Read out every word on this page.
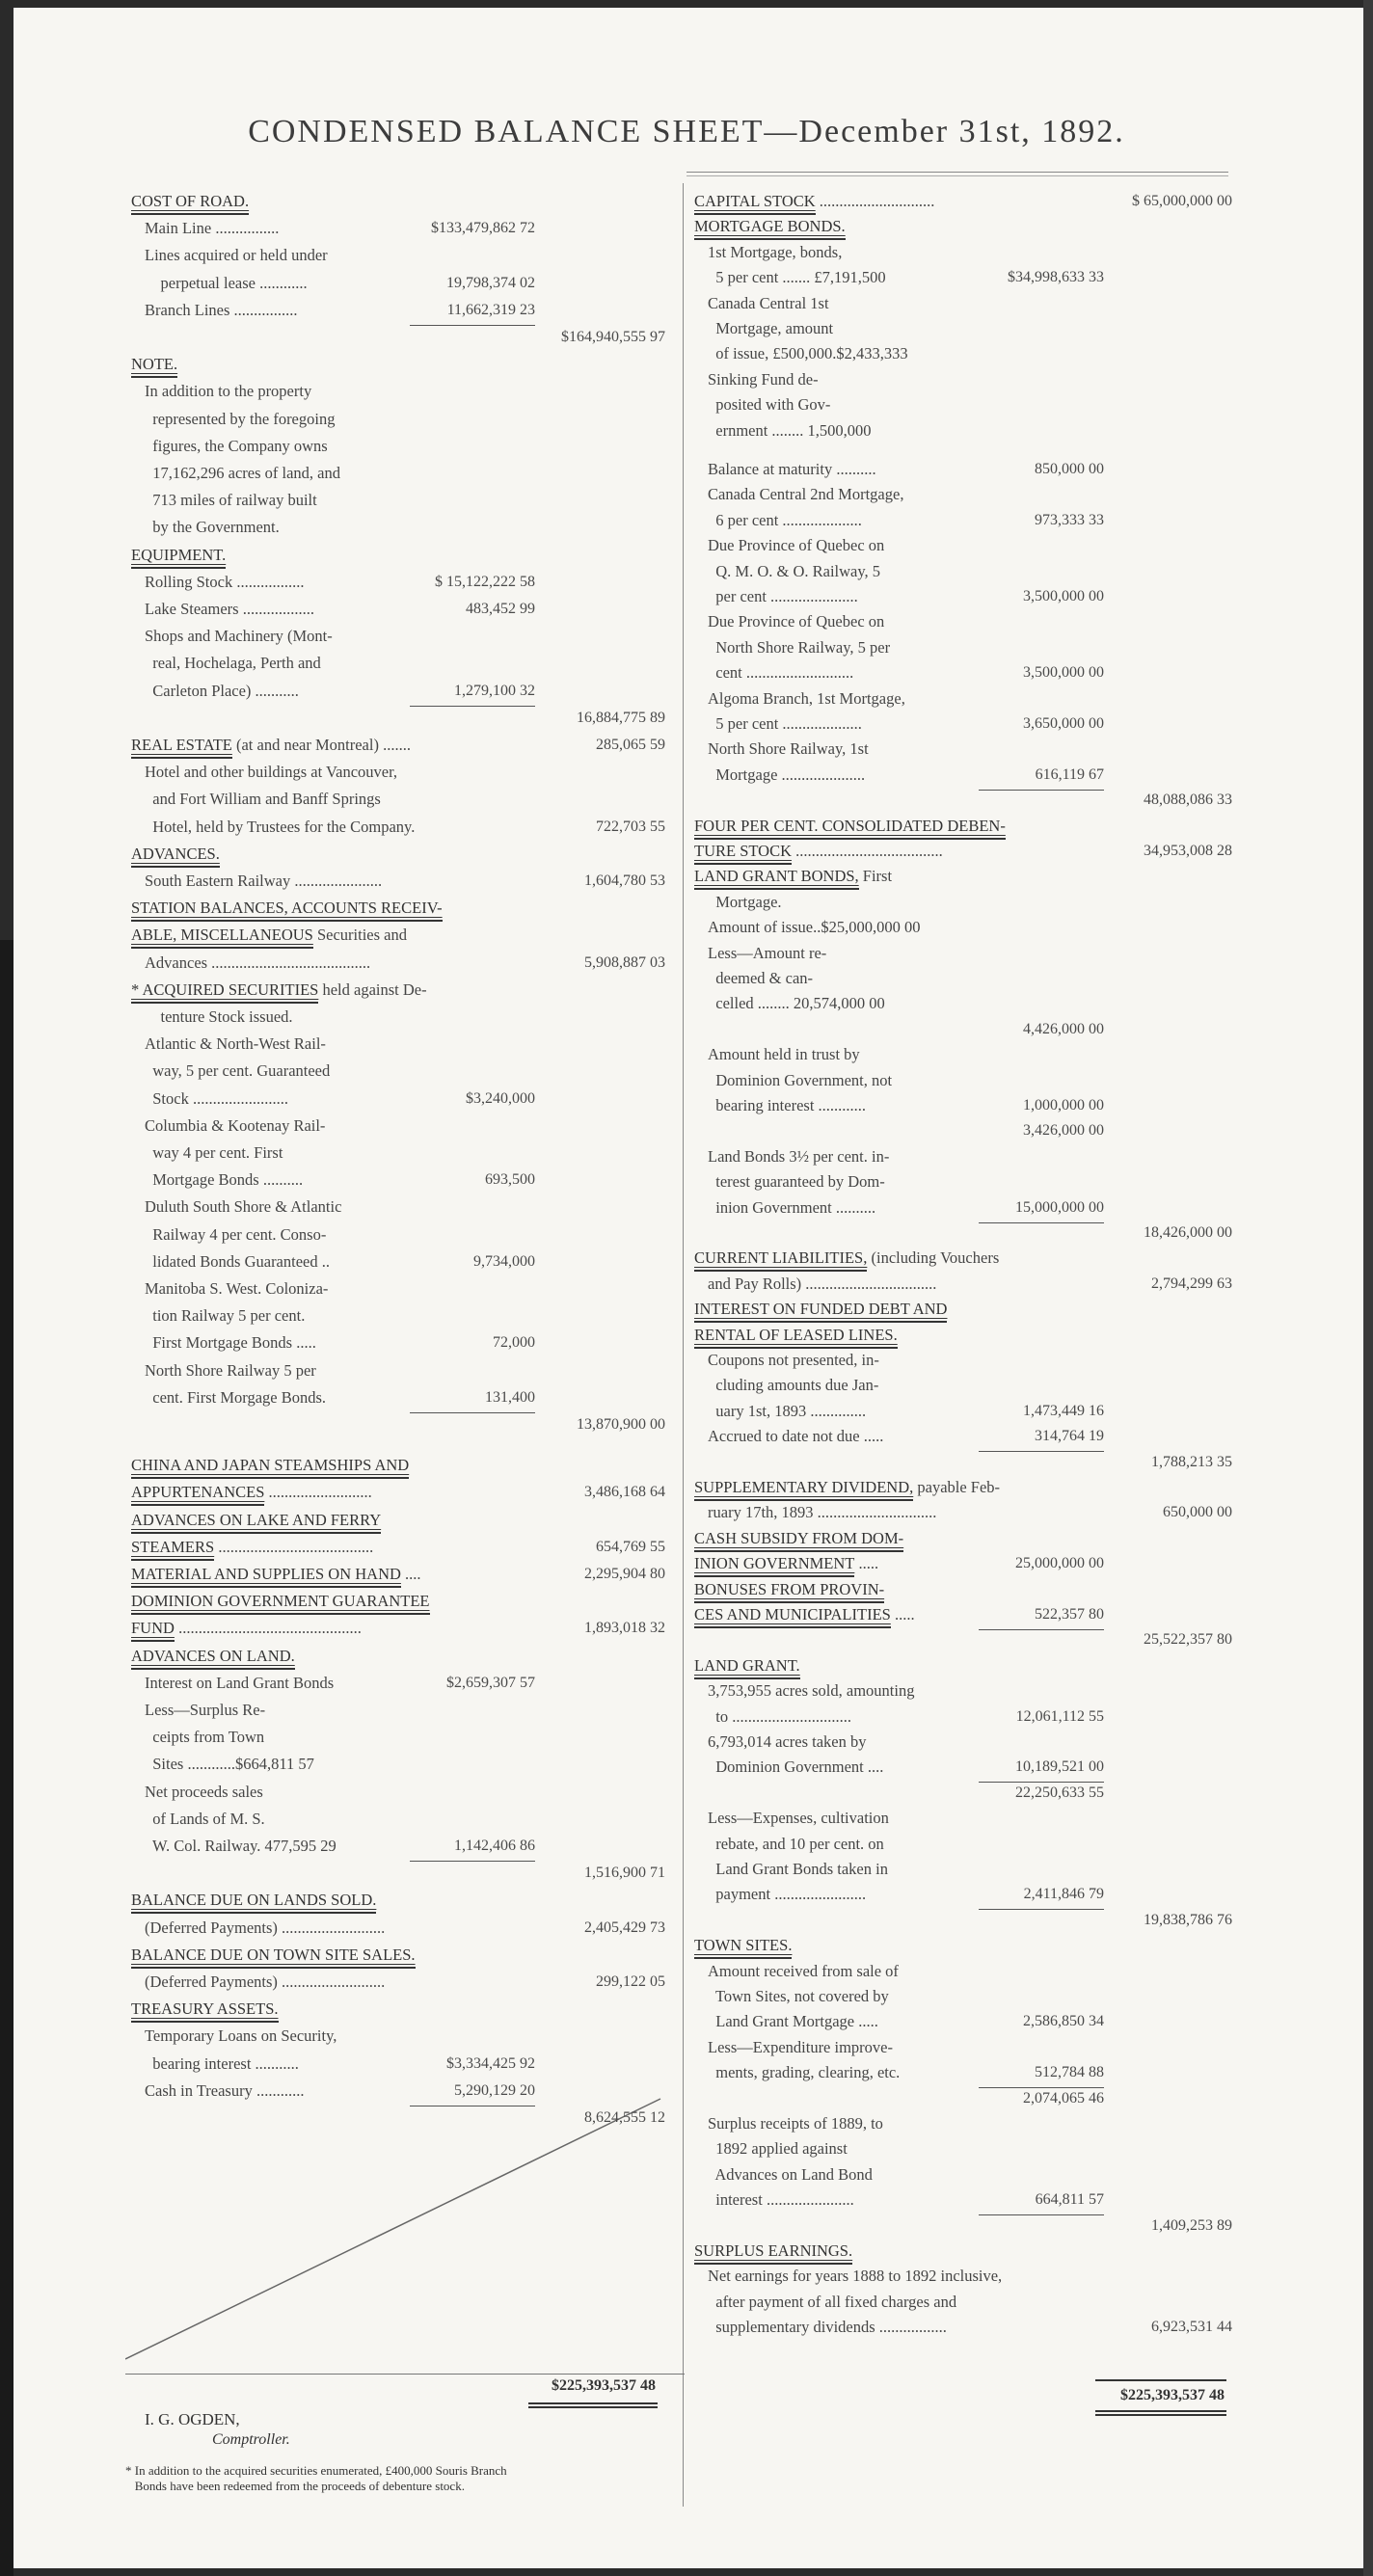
CONDENSED BALANCE SHEET—December 31st, 1892.
$225,393,537 48
$225,393,537 48
I. G. OGDEN,
Comptroller.
* In addition to the acquired securities enumerated, £400,000 Souris Branch
Bonds have been redeemed from the proceeds of debenture stock.
COST OF ROAD.
Main Line ................	$133,479,862 72
Lines acquired or held under
perpetual lease ............	19,798,374 02
Branch Lines ................	11,662,319 23
$164,940,555 97
NOTE.
In addition to the property
represented by the foregoing
figures, the Company owns
17,162,296 acres of land, and
713 miles of railway built
by the Government.
EQUIPMENT.
Rolling Stock .................	$ 15,122,222 58
Lake Steamers ..................	483,452 99
Shops and Machinery (Mont-
real, Hochelaga, Perth and
Carleton Place) ...........	1,279,100 32
16,884,775 89
REAL ESTATE (at and near Montreal) .......	285,065 59
Hotel and other buildings at Vancouver,
and Fort William and Banff Springs
Hotel, held by Trustees for the Company.	722,703 55
ADVANCES.
South Eastern Railway ......................	1,604,780 53
STATION BALANCES, ACCOUNTS RECEIV-
ABLE, MISCELLANEOUS Securities and
Advances ........................................	5,908,887 03
* ACQUIRED SECURITIES held against De-
tenture Stock issued.
Atlantic & North-West Rail-
way, 5 per cent. Guaranteed
Stock ........................	$3,240,000
Columbia & Kootenay Rail-
way 4 per cent. First
Mortgage Bonds ..........	693,500
Duluth South Shore & Atlantic
Railway 4 per cent. Conso-
lidated Bonds Guaranteed ..	9,734,000
Manitoba S. West. Coloniza-
tion Railway 5 per cent.
First Mortgage Bonds .....	72,000
North Shore Railway 5 per
cent. First Morgage Bonds.	131,400
13,870,900 00
CHINA AND JAPAN STEAMSHIPS AND
APPURTENANCES ..........................	3,486,168 64
ADVANCES ON LAKE AND FERRY
STEAMERS .......................................	654,769 55
MATERIAL AND SUPPLIES ON HAND ....	2,295,904 80
DOMINION GOVERNMENT GUARANTEE
FUND ..............................................	1,893,018 32
ADVANCES ON LAND.
Interest on Land Grant Bonds	$2,659,307 57
Less—Surplus Re-
ceipts from Town
Sites ............$664,811 57
Net proceeds sales
of Lands of M. S.
W. Col. Railway. 477,595 29	1,142,406 86
1,516,900 71
BALANCE DUE ON LANDS SOLD.
(Deferred Payments) ..........................	2,405,429 73
BALANCE DUE ON TOWN SITE SALES.
(Deferred Payments) ..........................	299,122 05
TREASURY ASSETS.
Temporary Loans on Security,
bearing interest ...........	$3,334,425 92
Cash in Treasury ............	5,290,129 20
8,624,555 12
CAPITAL STOCK .............................	$ 65,000,000 00
MORTGAGE BONDS.
1st Mortgage, bonds,
5 per cent ....... £7,191,500	$34,998,633 33
Canada Central 1st
Mortgage, amount
of issue, £500,000.$2,433,333
Sinking Fund de-
posited with Gov-
ernment ........ 1,500,000
Balance at maturity ..........	850,000 00
Canada Central 2nd Mortgage,
6 per cent ....................	973,333 33
Due Province of Quebec on
Q. M. O. & O. Railway, 5
per cent ......................	3,500,000 00
Due Province of Quebec on
North Shore Railway, 5 per
cent ...........................	3,500,000 00
Algoma Branch, 1st Mortgage,
5 per cent ....................	3,650,000 00
North Shore Railway, 1st
Mortgage .....................	616,119 67
48,088,086 33
FOUR PER CENT. CONSOLIDATED DEBEN-
TURE STOCK .....................................	34,953,008 28
LAND GRANT BONDS, First
Mortgage.
Amount of issue..$25,000,000 00
Less—Amount re-
deemed & can-
celled ........ 20,574,000 00
4,426,000 00
Amount held in trust by
Dominion Government, not
bearing interest ............	1,000,000 00
3,426,000 00
Land Bonds 3½ per cent. in-
terest guaranteed by Dom-
inion Government ..........	15,000,000 00
18,426,000 00
CURRENT LIABILITIES, (including Vouchers
and Pay Rolls) .................................	2,794,299 63
INTEREST ON FUNDED DEBT AND
RENTAL OF LEASED LINES.
Coupons not presented, in-
cluding amounts due Jan-
uary 1st, 1893 ..............	1,473,449 16
Accrued to date not due .....	314,764 19
1,788,213 35
SUPPLEMENTARY DIVIDEND, payable Feb-
ruary 17th, 1893 ..............................	650,000 00
CASH SUBSIDY FROM DOM-
INION GOVERNMENT .....	25,000,000 00
BONUSES FROM PROVIN-
CES AND MUNICIPALITIES .....	522,357 80
25,522,357 80
LAND GRANT.
3,753,955 acres sold, amounting
to ..............................	12,061,112 55
6,793,014 acres taken by
Dominion Government ....	10,189,521 00
22,250,633 55
Less—Expenses, cultivation
rebate, and 10 per cent. on
Land Grant Bonds taken in
payment .......................	2,411,846 79
19,838,786 76
TOWN SITES.
Amount received from sale of
Town Sites, not covered by
Land Grant Mortgage .....	2,586,850 34
Less—Expenditure improve-
ments, grading, clearing, etc.	512,784 88
2,074,065 46
Surplus receipts of 1889, to
1892 applied against
Advances on Land Bond
interest ......................	664,811 57
1,409,253 89
SURPLUS EARNINGS.
Net earnings for years 1888 to 1892 inclusive,
after payment of all fixed charges and
supplementary dividends .................	6,923,531 44
